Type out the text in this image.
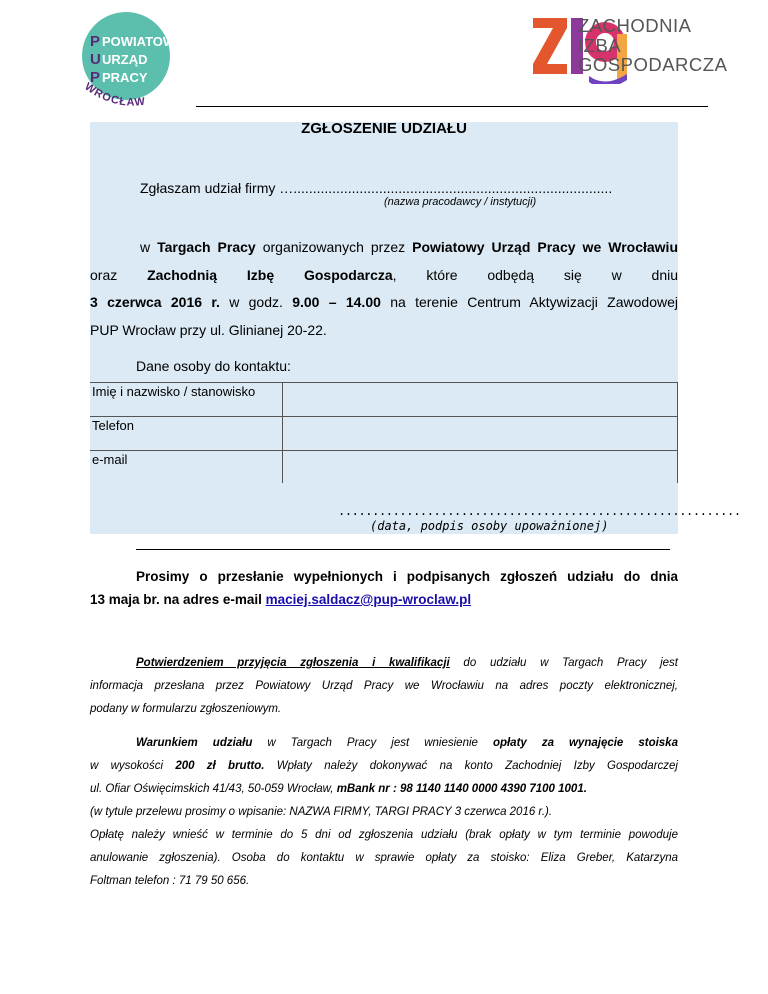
P POWIATOWY
U URZĄD
P PRACY
WROCŁAW
ZACHODNIA
IZBA
GOSPODARCZA
ZGŁOSZENIE UDZIAŁU
Zgłaszam udział firmy …..................................................................................
(nazwa pracodawcy / instytucji)
w Targach Pracy organizowanych przez Powiatowy Urząd Pracy we Wrocławiu oraz Zachodnią Izbę Gospodarcza, które odbędą się w dniu
3 czerwca 2016 r. w godz. 9.00 – 14.00 na terenie Centrum Aktywizacji Zawodowej
PUP Wrocław przy ul. Glinianej 20-22.
Dane osoby do kontaktu:
Imię i nazwisko / stanowisko	
Telefon	
e-mail	
...........................................................
(data, podpis osoby upoważnionej)
Prosimy o przesłanie wypełnionych i podpisanych zgłoszeń udziału do dnia
13 maja br. na adres e-mail maciej.saldacz@pup-wroclaw.pl

Potwierdzeniem przyjęcia zgłoszenia i kwalifikacji do udziału w Targach Pracy jest

informacja przesłana przez Powiatowy Urząd Pracy we Wrocławiu na adres poczty elektronicznej,

podany w formularzu zgłoszeniowym.

Warunkiem udziału w Targach Pracy jest wniesienie opłaty za wynajęcie stoiska

w wysokości 200 zł brutto. Wpłaty należy dokonywać na konto Zachodniej Izby Gospodarczej

ul. Ofiar Oświęcimskich 41/43, 50-059 Wrocław, mBank nr : 98 1140 1140 0000 4390 7100 1001.

(w tytule przelewu prosimy o wpisanie: NAZWA FIRMY, TARGI PRACY 3 czerwca 2016 r.).

Opłatę należy wnieść w terminie do 5 dni od zgłoszenia udziału (brak opłaty w tym terminie powoduje

anulowanie zgłoszenia). Osoba do kontaktu w sprawie opłaty za stoisko: Eliza Greber, Katarzyna

Foltman telefon : 71 79 50 656.
